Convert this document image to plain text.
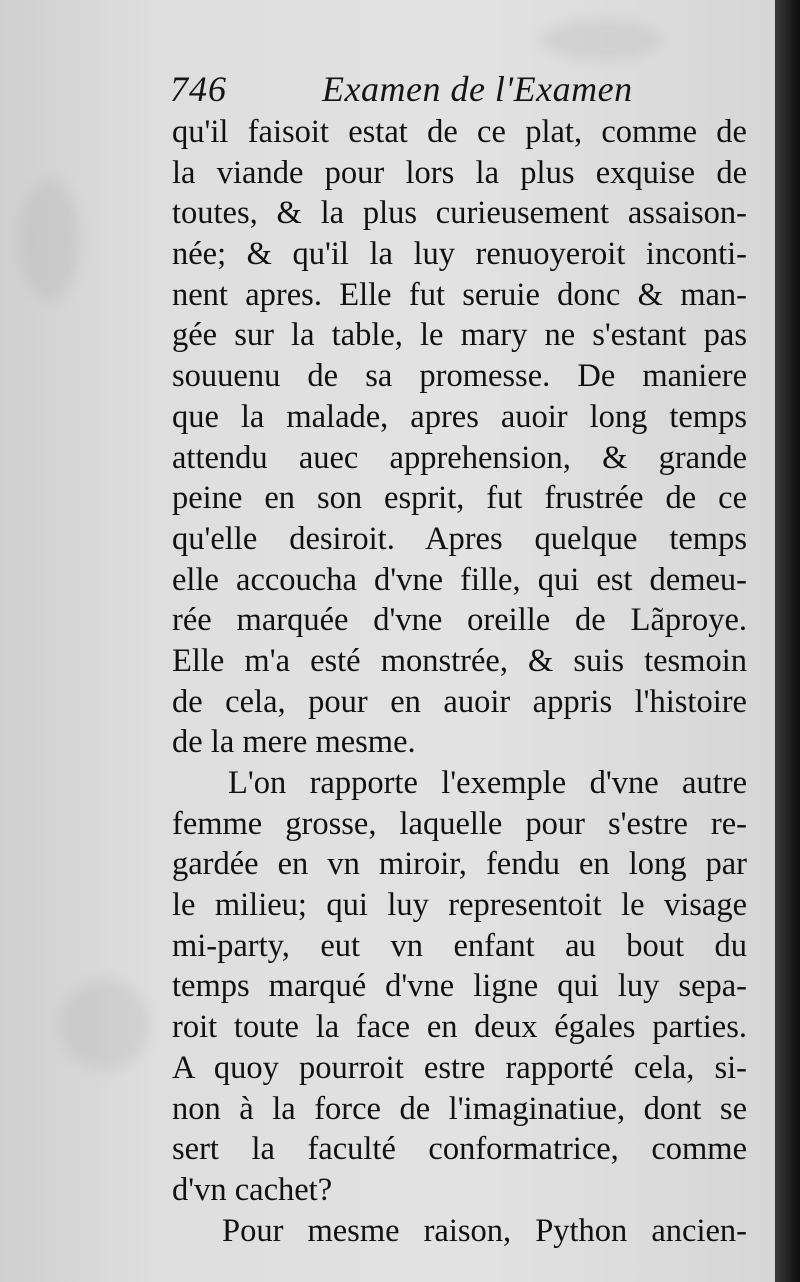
746	Examen de l'Examen
qu'il faisoit estat de ce plat, comme de
la viande pour lors la plus exquise de
toutes, & la plus curieusement assaison-
née; & qu'il la luy renuoyeroit inconti-
nent apres. Elle fut seruie donc & man-
gée sur la table, le mary ne s'estant pas
souuenu de sa promesse. De maniere
que la malade, apres auoir long temps
attendu auec apprehension, & grande
peine en son esprit, fut frustrée de ce
qu'elle desiroit. Apres quelque temps
elle accoucha d'vne fille, qui est demeu-
rée marquée d'vne oreille de Lãproye.
Elle m'a esté monstrée, & suis tesmoin
de cela, pour en auoir appris l'histoire
de la mere mesme.
L'on rapporte l'exemple d'vne autre
femme grosse, laquelle pour s'estre re-
gardée en vn miroir, fendu en long par
le milieu; qui luy representoit le visage
mi-party, eut vn enfant au bout du
temps marqué d'vne ligne qui luy sepa-
roit toute la face en deux égales parties.
A quoy pourroit estre rapporté cela, si-
non à la force de l'imaginatiue, dont se
sert la faculté conformatrice, comme
d'vn cachet?
Pour mesme raison, Python ancien-
